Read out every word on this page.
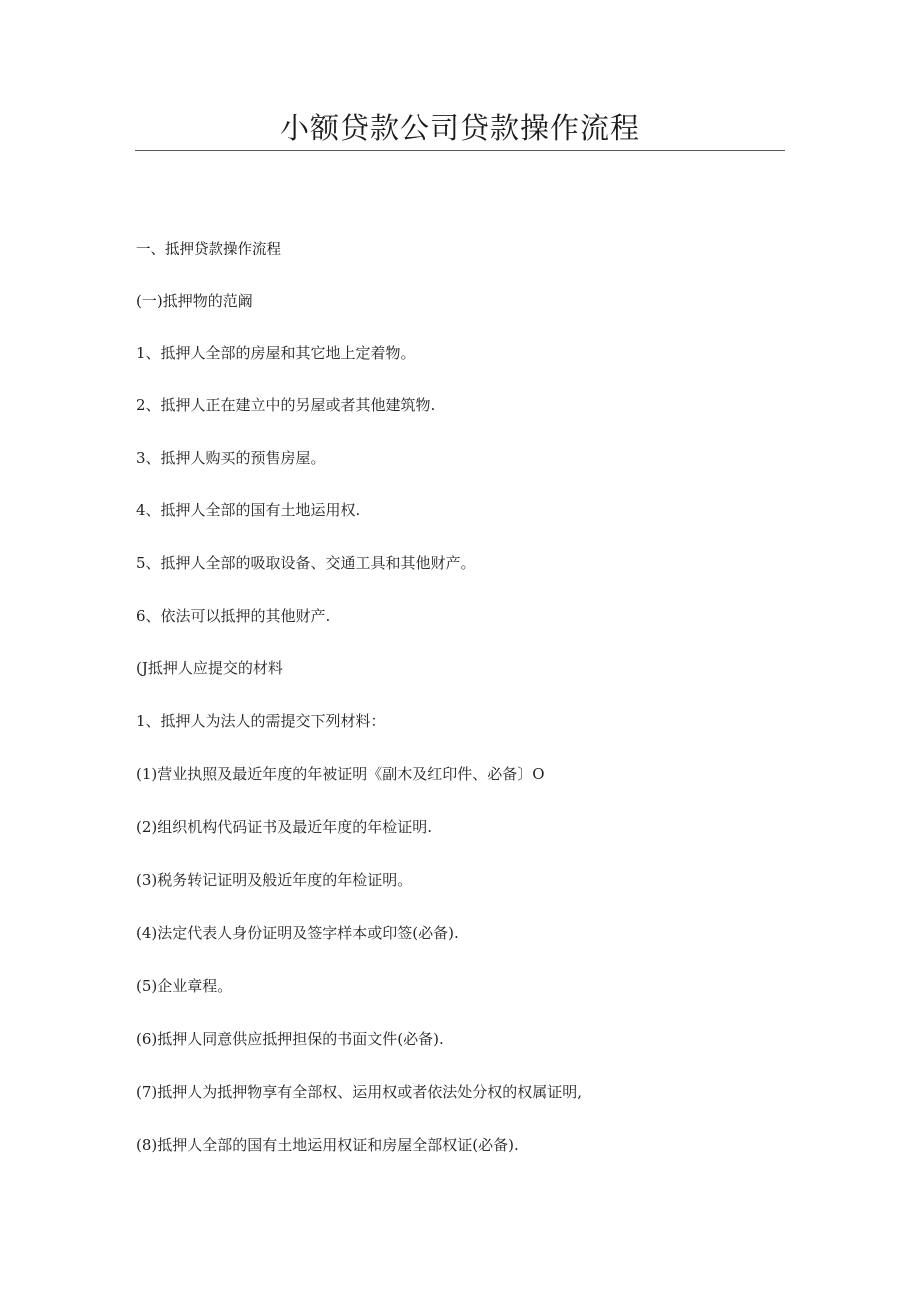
小额贷款公司贷款操作流程
一、抵押贷款操作流程
(一)抵押物的范阚
1、抵押人全部的房屋和其它地上定着物。
2、抵押人正在建立中的另屋或者其他建筑物.
3、抵押人购买的预售房屋。
4、抵押人全部的国有土地运用权.
5、抵押人全部的吸取设备、交通工具和其他财产。
6、依法可以抵押的其他财产.
(J抵押人应提交的材料
1、抵押人为法人的需提交下列材料：
(1)营业执照及最近年度的年被证明《副木及红印件、必备〕O
(2)组织机构代码证书及最近年度的年检证明.
(3)税务转记证明及般近年度的年检证明。
(4)法定代表人身份证明及签字样本或印签(必备).
(5)企业章程。
(6)抵押人同意供应抵押担保的书面文件(必备).
(7)抵押人为抵押物享有全部权、运用权或者依法处分权的权属证明,
(8)抵押人全部的国有土地运用权证和房屋全部权证(必备).
